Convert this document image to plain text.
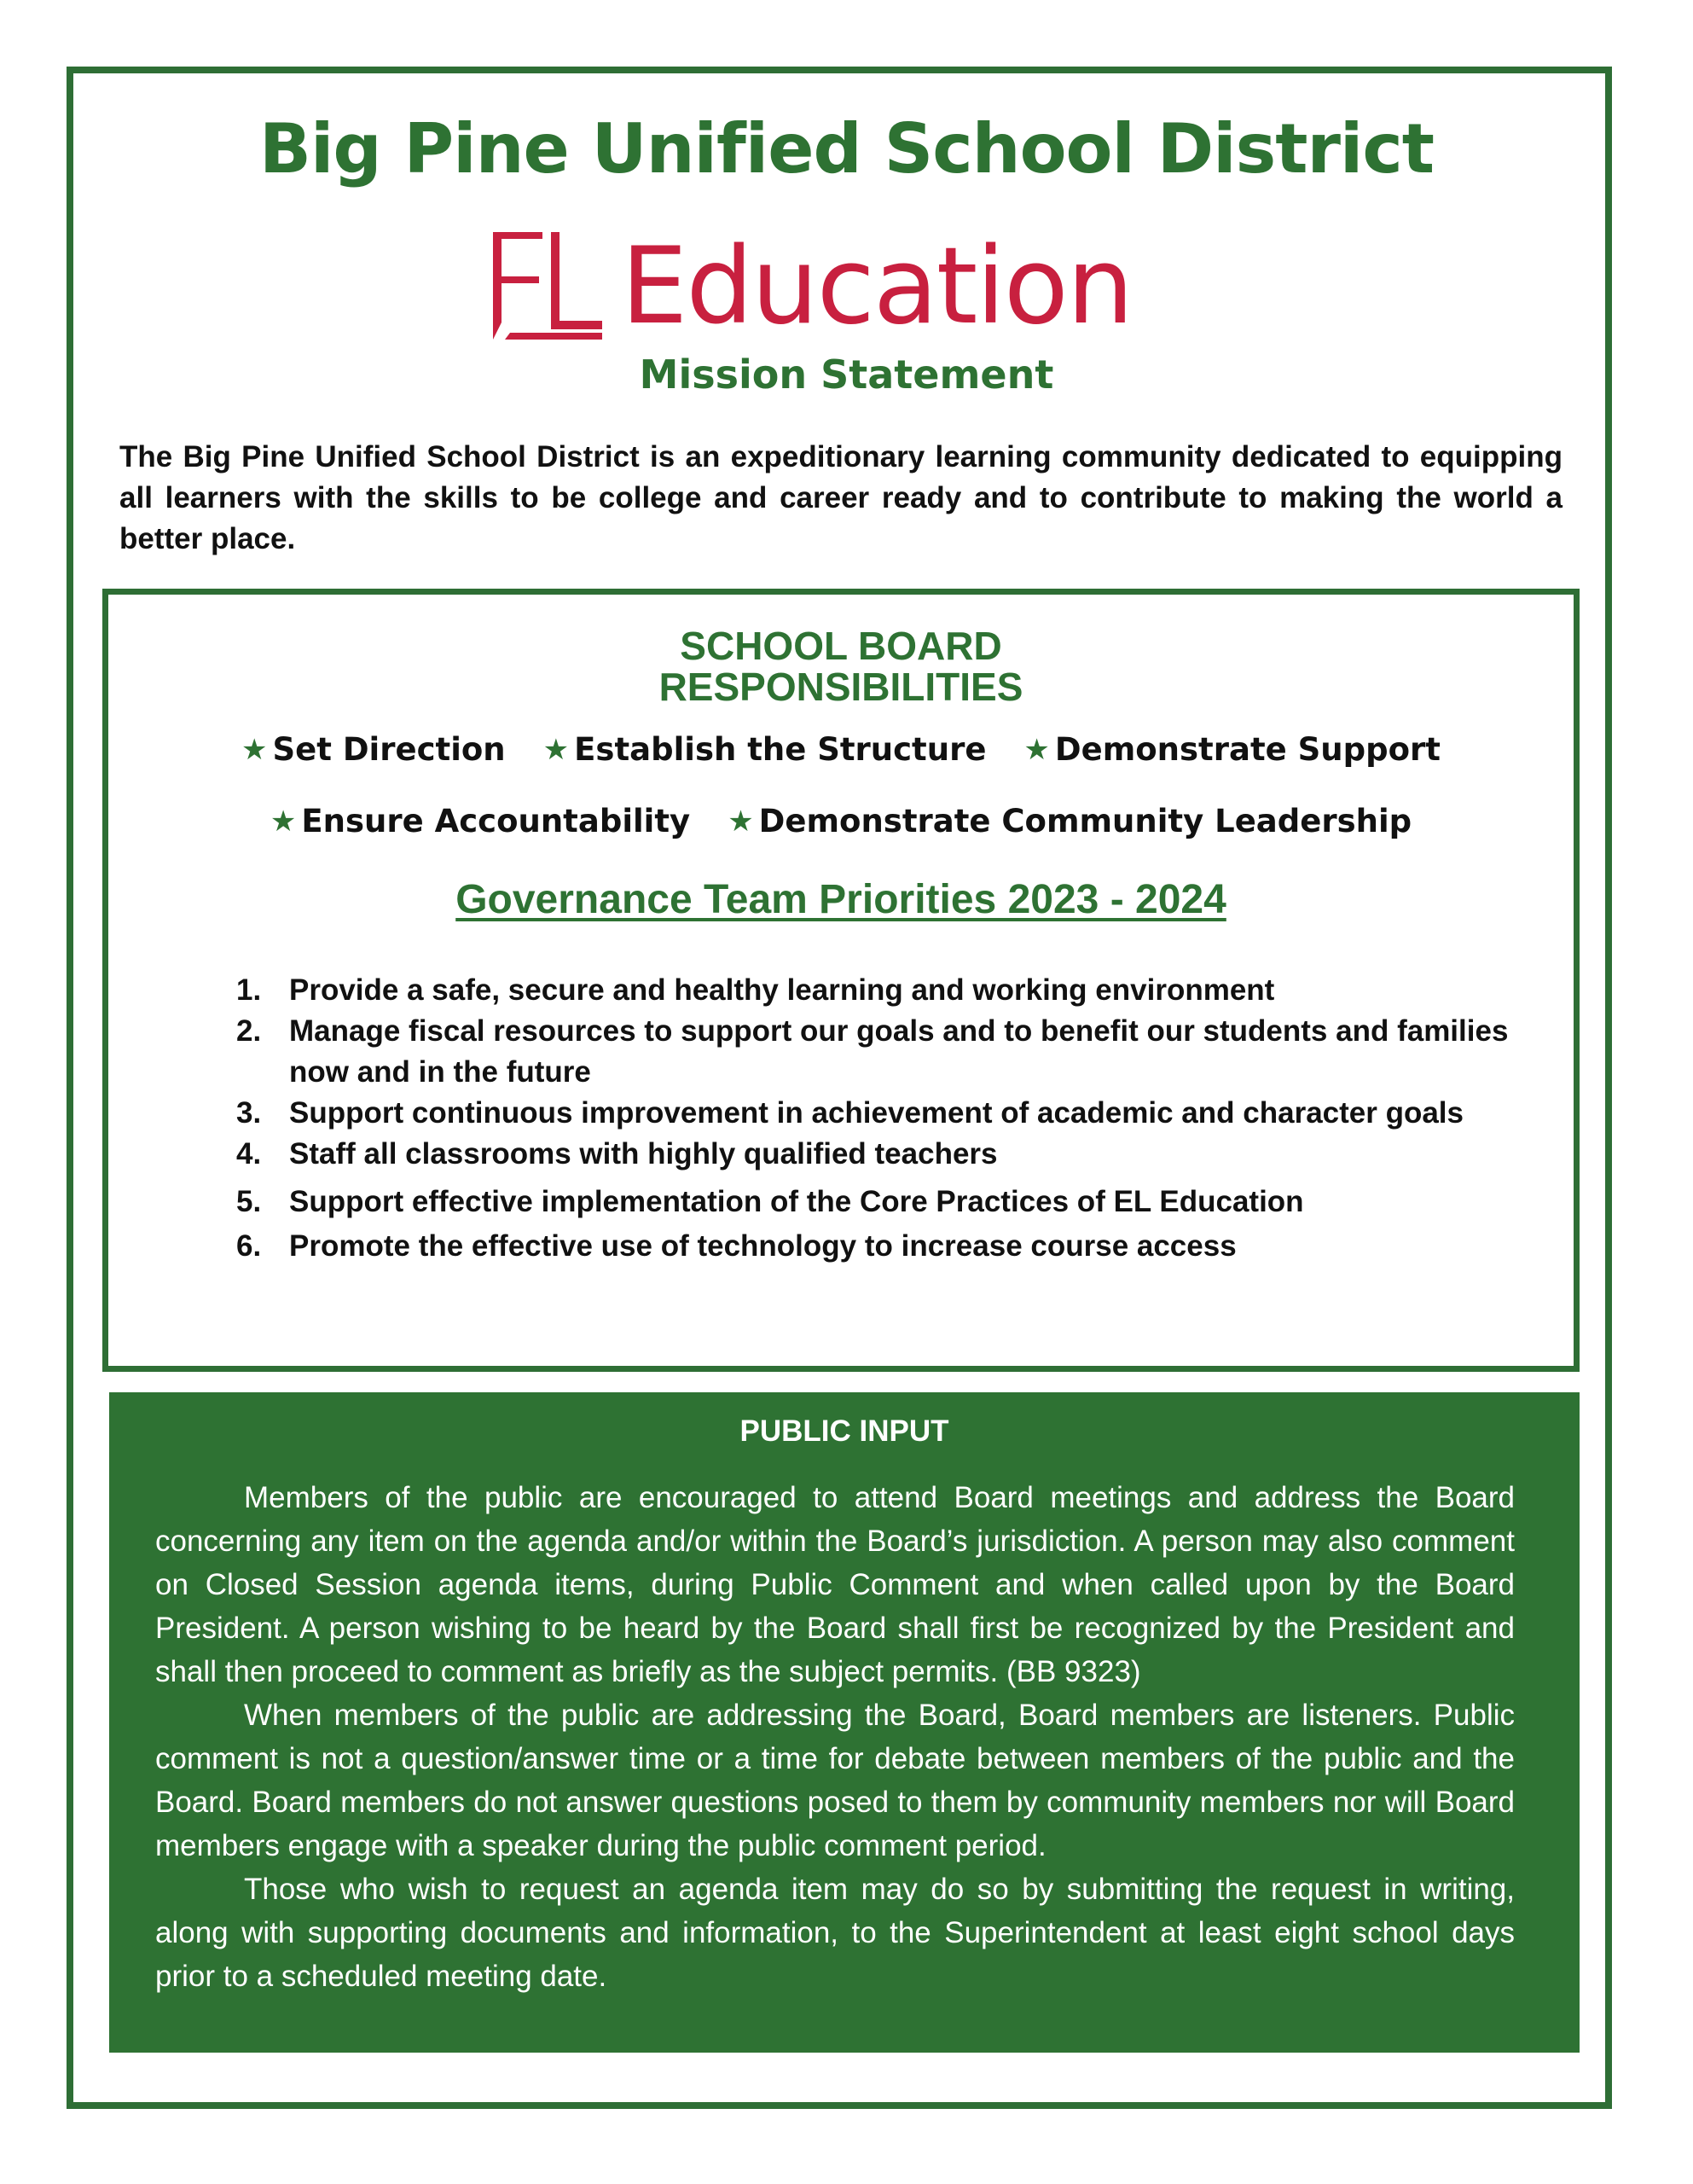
Big Pine Unified School District
Education
Mission Statement
The Big Pine Unified School District is an expeditionary learning community dedicated to equipping all learners with the skills to be college and career ready and to contribute to making the world a better place.
SCHOOL BOARD
RESPONSIBILITIES
★ Set Direction ★ Establish the Structure ★ Demonstrate Support
★ Ensure Accountability ★ Demonstrate Community Leadership
Governance Team Priorities 2023 - 2024
1. Provide a safe, secure and healthy learning and working environment
2. Manage fiscal resources to support our goals and to benefit our students and families now and in the future
3. Support continuous improvement in achievement of academic and character goals
4. Staff all classrooms with highly qualified teachers
5. Support effective implementation of the Core Practices of EL Education
6. Promote the effective use of technology to increase course access
PUBLIC INPUT

Members of the public are encouraged to attend Board meetings and address the Board concerning any item on the agenda and/or within the Board’s jurisdiction. A person may also comment on Closed Session agenda items, during Public Comment and when called upon by the Board President. A person wishing to be heard by the Board shall first be recognized by the President and shall then proceed to comment as briefly as the subject permits. (BB 9323)

When members of the public are addressing the Board, Board members are listeners. Public comment is not a question/answer time or a time for debate between members of the public and the Board. Board members do not answer questions posed to them by community members nor will Board members engage with a speaker during the public comment period.

Those who wish to request an agenda item may do so by submitting the request in writing, along with supporting documents and information, to the Superintendent at least eight school days prior to a scheduled meeting date.
